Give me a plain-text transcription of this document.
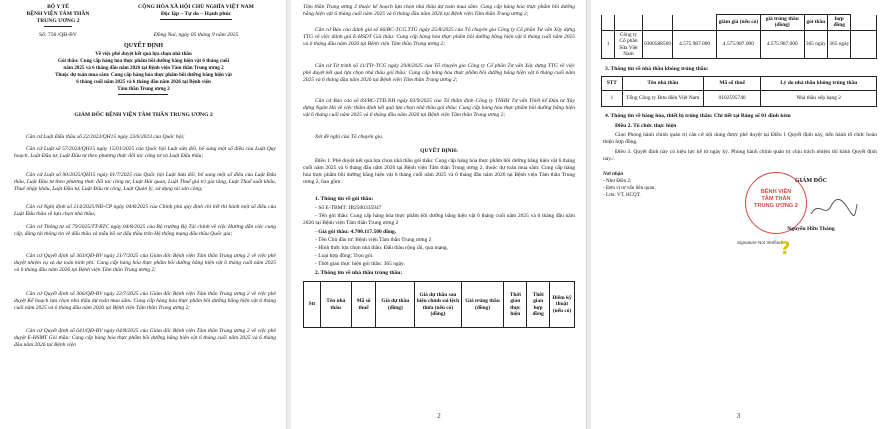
BỘ Y TẾ
BỆNH VIỆN TÂM THẦN
TRUNG ƯƠNG 2
Số: 750 /QĐ-BV
CỘNG HÒA XÃ HỘI CHỦ NGHĨA VIỆT NAM
Độc lập – Tự do – Hạnh phúc
Đồng Nai, ngày 05 tháng 9 năm 2025
QUYẾT ĐỊNH
Về việc phê duyệt kết quả lựa chọn nhà thầu
Gói thầu: Cung cấp hàng hóa thực phẩm bồi dưỡng bằng hiện vật 6 tháng cuối
năm 2025 và 6 tháng đầu năm 2026 tại Bệnh viện Tâm thần Trung ương 2
Thuộc dự toán mua sắm: Cung cấp hàng hóa thực phẩm bồi dưỡng bằng hiện vật
6 tháng cuối năm 2025 và 6 tháng đầu năm 2026 tại Bệnh viện
Tâm thần Trung ương 2
GIÁM ĐỐC BỆNH VIỆN TÂM THẦN TRUNG ƯƠNG 2
Căn cứ Luật Đấu thầu số 22/2023/QH15 ngày 23/6/2023 của Quốc hội;
Căn cứ Luật số 57/2024/QH15 ngày 15/01/2025 của Quốc hội Luật sửa đổi, bổ sung một số điều của Luật Quy hoạch, Luật Đầu tư, Luật Đầu tư theo phương thức đối tác công tư và Luật Đấu thầu;
Căn cứ Luật số 90/2025/QH15 ngày 01/7/2025 của Quốc hội Luật Sửa đổi, bổ sung một số điều của Luật Đấu thầu, Luật Đầu tư theo phương thức đối tác công tư, Luật Hải quan, Luật Thuế giá trị gia tăng, Luật Thuế xuất khẩu, Thuế nhập khẩu, Luật Đầu tư, Luật Đầu tư công, Luật Quản lý, sử dụng tài sản công;
Căn cứ Nghị định số 214/2025/NĐ-CP ngày 04/8/2025 của Chính phủ quy định chi tiết thi hành một số điều của Luật Đấu thầu về lựa chọn nhà thầu;
Căn cứ Thông tư số 79/2025/TT-BTC ngày 04/8/2025 của Bộ trưởng Bộ Tài chính về việc Hướng dẫn việc cung cấp, đăng tải thông tin về đấu thầu và mẫu hồ sơ đấu thầu trên Hệ thống mạng đấu thầu Quốc gia;
Căn cứ Quyết định số 363/QĐ-BV ngày 21/7/2025 của Giám đốc Bệnh viện Tâm thần Trung ương 2 về việc phê duyệt nhiệm vụ và dự toán kinh phí: Cung cấp hàng hóa thực phẩm bồi dưỡng bằng hiện vật 6 tháng cuối năm 2025 và 6 tháng đầu năm 2026 tại Bệnh viện Tâm thần Trung ương 2;
Căn cứ Quyết định số 366/QĐ-BV ngày 22/7/2025 của Giám đốc Bệnh viện Tâm thần Trung ương 2 về việc phê duyệt Kế hoạch lựa chọn nhà thầu dự toán mua sắm: Cung cấp hàng hóa thực phẩm bồi dưỡng bằng hiện vật 6 tháng cuối năm 2025 và 6 tháng đầu năm 2026 tại Bệnh viện Tâm thần Trung ương 2;
Căn cứ Quyết định số 641/QĐ-BV ngày 04/8/2025 của Giám đốc Bệnh viện Tâm thần Trung ương 2 về việc phê duyệt E-HSMT Gói thầu: Cung cấp hàng hóa thực phẩm bồi dưỡng bằng hiện vật 6 tháng cuối năm 2025 và 6 tháng đầu năm 2026 tại Bệnh viện
Tâm thần Trung ương 2 thuộc kế hoạch lựa chọn nhà thầu dự toán mua sắm: Cung cấp hàng hóa thực phẩm bồi dưỡng bằng hiện vật 6 tháng cuối năm 2025 và 6 tháng đầu năm 2026 tại Bệnh viện Tâm thần Trung ương 2;
Căn cứ Báo cáo đánh giá số 66/BC-TCG.TTG ngày 25/8/2025 của Tổ chuyên gia Công ty Cổ phần Tư vấn Xây dựng TTG về việc đánh giá E-HSDT Gói thầu: Cung cấp hàng hóa thực phẩm bồi dưỡng bằng hiện vật 6 tháng cuối năm 2025 và 6 tháng đầu năm 2026 tại Bệnh viện Tâm thần Trung ương 2;
Căn cứ Tờ trình số 11/TTr-TCG ngày 29/8/2025 của Tổ chuyên gia Công ty Cổ phần Tư vấn Xây dựng TTG về việc phê duyệt kết quả lựa chọn nhà thầu gói thầu: Cung cấp hàng hóa thực phẩm bồi dưỡng bằng hiện vật 6 tháng cuối năm 2025 và 6 tháng đầu năm 2026 tại Bệnh viện Tâm thần Trung ương 2;
Căn cứ Báo cáo số 69/BC-TTĐ.NH ngày 03/9/2025 của Tổ thẩm định Công ty TNHH Tư vấn Thiết kế Đầu tư Xây dựng Ngân Hà về việc thẩm định kết quả lựa chọn nhà thầu gói thầu: Cung cấp hàng hóa thực phẩm bồi dưỡng bằng hiện vật 6 tháng cuối năm 2025 và 6 tháng đầu năm 2026 tại Bệnh viện Tâm thần Trung ương 2;
Xét đề nghị của Tổ chuyên gia.
QUYẾT ĐỊNH:
Điều 1. Phê duyệt kết quả lựa chọn nhà thầu gói thầu: Cung cấp hàng hóa thực phẩm bồi dưỡng bằng hiện vật 6 tháng cuối năm 2025 và 6 tháng đầu năm 2026 tại Bệnh viện Tâm thần Trung ương 2, thuộc dự toán mua sắm: Cung cấp hàng hóa thực phẩm bồi dưỡng bằng hiện vật 6 tháng cuối năm 2025 và 6 tháng đầu năm 2026 tại Bệnh viện Tâm thần Trung ương 2, bao gồm:
1. Thông tin về gói thầu:
- Số E-TBMT: IB2500335947
- Tên gói thầu: Cung cấp hàng hóa thực phẩm bồi dưỡng bằng hiện vật 6 tháng cuối năm 2025 và 6 tháng đầu năm 2026 tại Bệnh viện Tâm thần Trung ương 2
- Giá gói thầu: 4.700.117.500 đồng.
- Tên Chủ đầu tư: Bệnh viện Tâm thần Trung ương 2
- Hình thức lựa chọn nhà thầu: Đấu thầu rộng rãi, qua mạng.
- Loại hợp đồng: Trọn gói.
- Thời gian thực hiện gói thầu: 365 ngày.
2. Thông tin về nhà thầu trúng thầu:
Stt	Tên nhà thầu	Mã số thuế	Giá dự thầu (đồng)	Giá dự thầu sau hiệu chỉnh sai lệch thừa (nếu có) (đồng)	Giá trúng thầu (đồng)	Thời gian thực hiện	Thời gian hợp đồng	Điểm kỹ thuật (nếu có)
2
				giảm giá (nếu có)	giá trúng thầu (đồng)	gói thầu	hợp đồng	
1	Công ty Cổ phần Sữa Việt Nam	0300588569	4.575.987.000	4.575.987.000	4.575.987.000	365 ngày	365 ngày	
3. Thông tin về nhà thầu không trúng thầu:
STT	Tên nhà thầu	Mã số thuế	Lý do nhà thầu không trúng thầu
1	Tổng Công ty Bưu điện Việt Nam	0102595740	Nhà thầu xếp hạng 2
4. Thông tin về hàng hóa, thiết bị trúng thầu: Chi tiết tại Bảng số 01 đính kèm
Điều 2. Tổ chức thực hiện
Giao Phòng hành chính quản trị căn cứ nội dung được phê duyệt tại Điều 1 Quyết định này, tiến hành tổ chức hoàn thiện hợp đồng.
Điều 3. Quyết định này có hiệu lực kể từ ngày ký. Phòng hành chính quản trị chịu trách nhiệm thi hành Quyết định này./.
Nơi nhận
- Như Điều 2;
- Đơn vị tư vấn liên quan;
- Lưu: VT, HCQT.
GIÁM ĐỐC
BỆNH VIỆN
TÂM THẦN
TRUNG ƯƠNG 2
Nguyễn Hữu Thắng
Signature Not Verified
?
3
